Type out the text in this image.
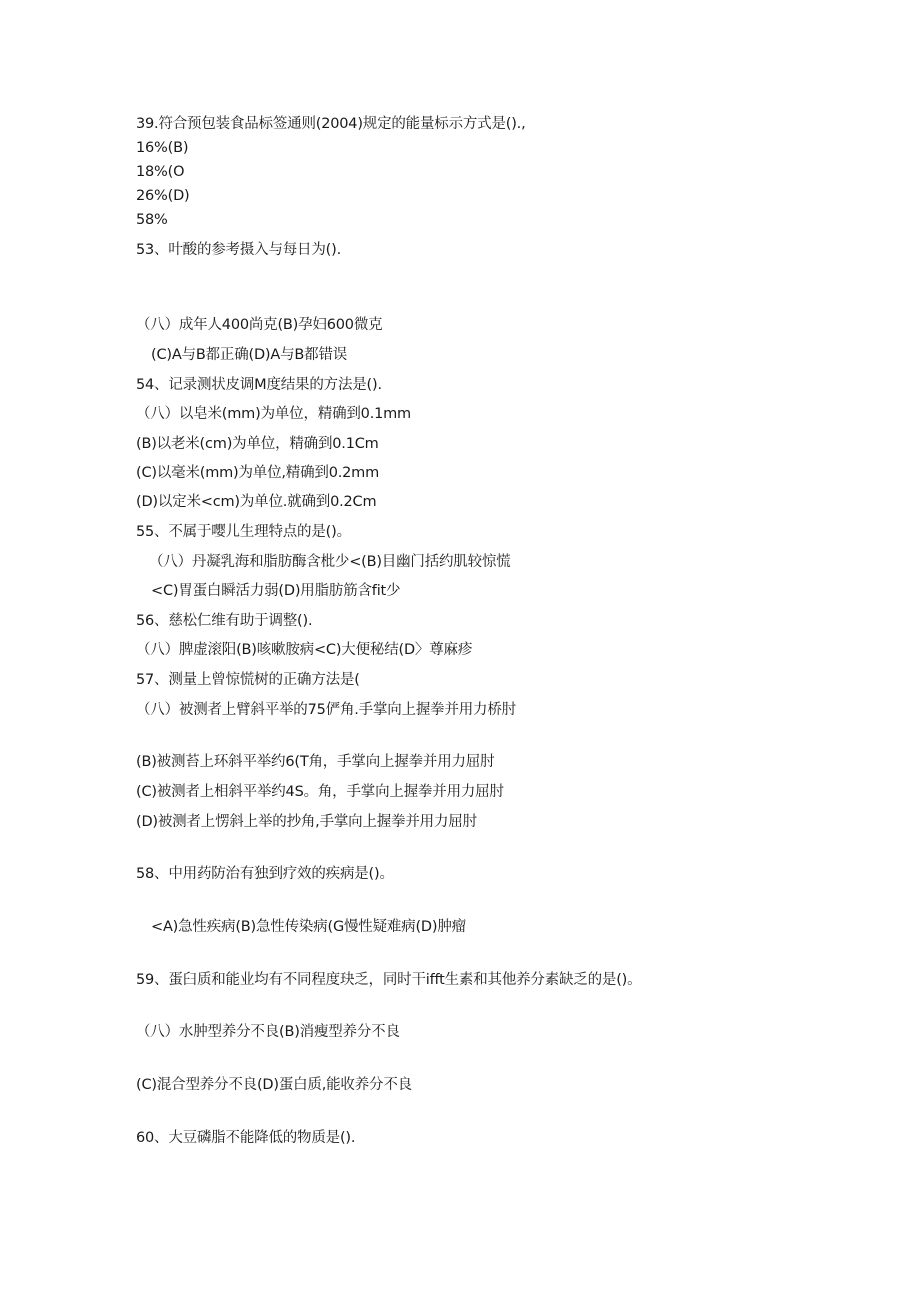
39.符合预包装食品标签通则(2004)规定的能量标示方式是().,
16%(B)
18%(O
26%(D)
58%
53、叶酸的参考摄入与每日为().
（八）成年人400尚克(B)孕妇600微克
(C)A与B都正确(D)A与B都错误
54、记录测状皮调M度结果的方法是().
（八）以皂米(mm)为单位，精确到0.1mm
(B)以老米(cm)为单位，精确到0.1Cm
(C)以毫米(mm)为单位,精确到0.2mm
(D)以定米<cm)为单位.就确到0.2Cm
55、不属于嘤儿生理特点的是()。
（八）丹凝乳海和脂肪酶含枇少<(B)目幽门括约肌较惊慌
<C)胃蛋白瞬活力弱(D)用脂肪筋含fit少
56、慈松仁维有助于调整().
（八）脾虚滚阳(B)咳嗽胺病<C)大便秘结(D〉尊麻疹
57、测量上曾惊慌树的正确方法是(
（八）被测者上臂斜平举的75俨角.手掌向上握拳并用力桥肘
(B)被测苔上环斜平举约6(T角，手掌向上握拳并用力屈肘
(C)被测者上相斜平举约4S。角，手掌向上握拳并用力屈肘
(D)被测者上愣斜上举的抄角,手掌向上握拳并用力屈肘
58、中用药防治有独到疗效的疾病是()。
<A)急性疾病(B)急性传染病(G慢性疑难病(D)肿瘤
59、蛋臼质和能业均有不同程度玦乏，同时干ifft生素和其他养分素缺乏的是()。
（八）水肿型养分不良(B)消瘦型养分不良
(C)混合型养分不良(D)蛋白质,能收养分不良
60、大豆磷脂不能降低的物质是().
